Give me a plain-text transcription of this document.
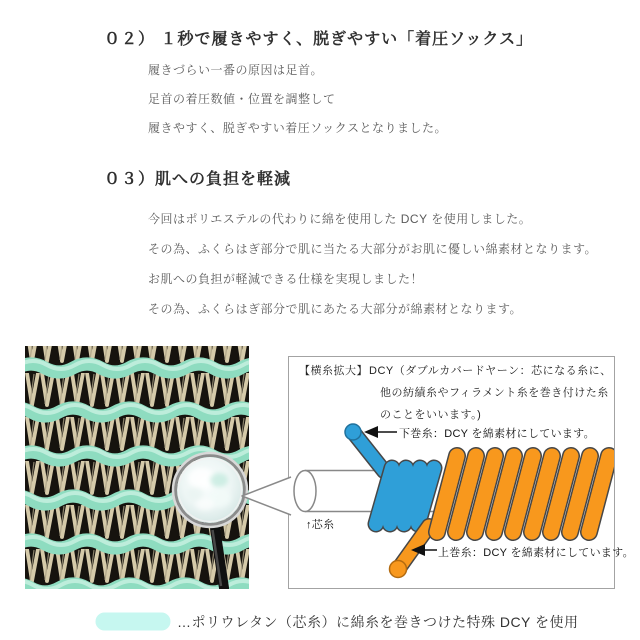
０２） １秒で履きやすく、脱ぎやすい「着圧ソックス」
履きづらい一番の原因は足首。
足首の着圧数値・位置を調整して
履きやすく、脱ぎやすい着圧ソックスとなりました。
０３）肌への負担を軽減
今回はポリエステルの代わりに綿を使用した DCY を使用しました。
その為、ふくらはぎ部分で肌に当たる大部分がお肌に優しい綿素材となります。
お肌への負担が軽減できる仕様を実現しました！
その為、ふくらはぎ部分で肌にあたる大部分が綿素材となります。
【横糸拡大】 DCY（ダブルカバードヤーン：芯になる糸に、
他の紡績糸やフィラメント糸を巻き付けた糸
のことをいいます。)
下巻糸：DCY を綿素材にしています。
↑芯糸
上巻糸：DCY を綿素材にしています。
…ポリウレタン（芯糸）に綿糸を巻きつけた特殊 DCY を使用
